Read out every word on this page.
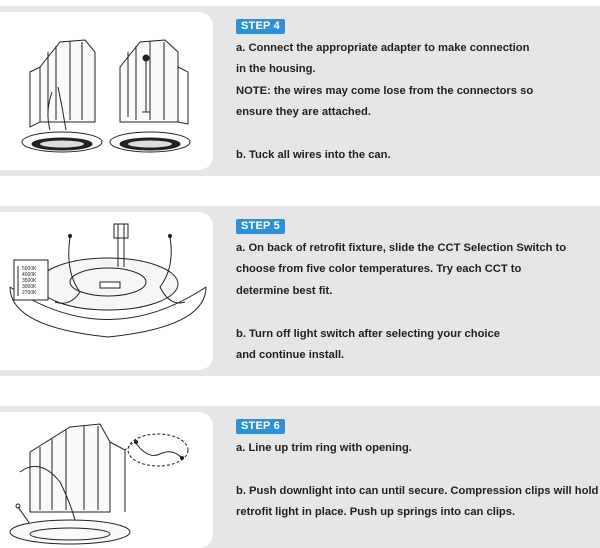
STEP 4
a. Connect the appropriate adapter to make connection
in the housing.
NOTE: the wires may come lose from the connectors so
ensure they are attached.
b. Tuck all wires into the can.
5000K
4000K
3500K
3000K
2700K
STEP 5
a. On back of retrofit fixture, slide the CCT Selection Switch to
choose from five color temperatures. Try each CCT to
determine best fit.
b. Turn off light switch after selecting your choice
and continue install.
STEP 6
a. Line up trim ring with opening.
b. Push downlight into can until secure. Compression clips will hold
retrofit light in place. Push up springs into can clips.
